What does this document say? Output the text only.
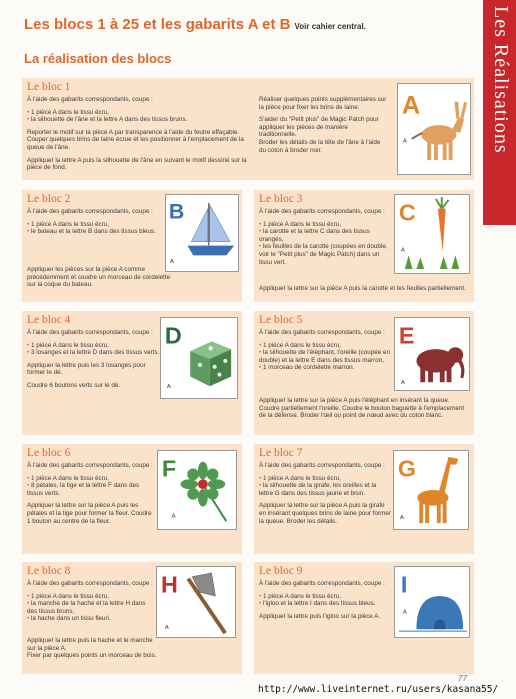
Les Réalisations
Les blocs 1 à 25 et les gabarits A et B Voir cahier central.
La réalisation des blocs
Le bloc 1

À l'aide des gabarits correspondants, coupe :

• 1 pièce A dans le tissu écru,
• la silhouette de l'âne et la lettre A dans des tissus bruns.

Reporter le motif sur la pièce A par transparence à l'aide du feutre effaçable. Couper quelques brins de laine écrue et les positionner à l'emplacement de la queue de l'âne.

Appliquer la lettre A puis la silhouette de l'âne en suivant le motif dessiné sur la pièce de fond.

Réaliser quelques points supplémentaires sur la pièce pour fixer les brins de laine.

S'aider du "Petit plus" de Magic Patch pour appliquer les pièces de manière traditionnelle.

Broder les détails de la tête de l'âne à l'aide du coton à broder noir.

A
A
Le bloc 2

À l'aide des gabarits correspondants, coupe :

• 1 pièce A dans le tissu écru,
• le bateau et la lettre B dans des tissus bleus.

Appliquer les pièces sur la pièce A comme précédemment et coudre un morceau de cordelette sur la coque du bateau.

B
A
Le bloc 3

À l'aide des gabarits correspondants, coupe :

• 1 pièce A dans le tissu écru,
• la carotte et la lettre C dans des tissus orangés,
• les feuilles de la carotte (coupées en double, voir le "Petit plus" de Magic Patch) dans un tissu vert.

Appliquer la lettre sur la pièce A puis la carotte et les feuilles partiellement.

C
A
Le bloc 4

À l'aide des gabarits correspondants, coupe :

• 1 pièce A dans le tissu écru,
• 3 losanges et la lettre D dans des tissus verts.

Appliquer la lettre puis les 3 losanges pour former le dé.

Coudre 6 boutons verts sur le dé.

D
A
Le bloc 5

À l'aide des gabarits correspondants, coupe :

• 1 pièce A dans le tissu écru,
• la silhouette de l'éléphant, l'oreille (coupée en double) et la lettre E dans des tissus marron,
• 1 morceau de cordelette marron.

Appliquer la lettre sur la pièce A puis l'éléphant en insérant la queue. Coudre partiellement l'oreille. Coudre le bouton baguette à l'emplacement de la défense. Broder l'œil ou point de nœud avec du coton blanc.

E
A
Le bloc 6

À l'aide des gabarits correspondants, coupe :

• 1 pièce A dans le tissu écru,
• 8 pétales, la tige et la lettre F dans des tissus verts.

Appliquer la lettre sur la pièce A puis les pétales et la tige pour former la fleur. Coudre 1 bouton au centre de la fleur.

F
A
Le bloc 7

À l'aide des gabarits correspondants, coupe :

• 1 pièce A dans le tissu écru,
• la silhouette de la girafe, les oreilles et la lettre G dans des tissus jaune et brun.

Appliquer la lettre sur la pièce A puis la girafe en insérant quelques brins de laine pour former la queue. Broder les détails.

G
A
Le bloc 8

À l'aide des gabarits correspondants, coupe :

• 1 pièce A dans le tissu écru,
• la manche de la hache et la lettre H dans des tissus bruns,
• la hache dans un tissu fleuri.

Appliquer la lettre puis la hache et le manche sur la pièce A.

Fixer par quelques points un morceau de bois.

H
A
Le bloc 9

À l'aide des gabarits correspondants, coupe :

• 1 pièce A dans le tissu écru,
• l'igloo et la lettre I dans des tissus bleus.

Appliquer la lettre puis l'igloo sur la pièce A.

I
A
77
http://www.liveinternet.ru/users/kasana55/
